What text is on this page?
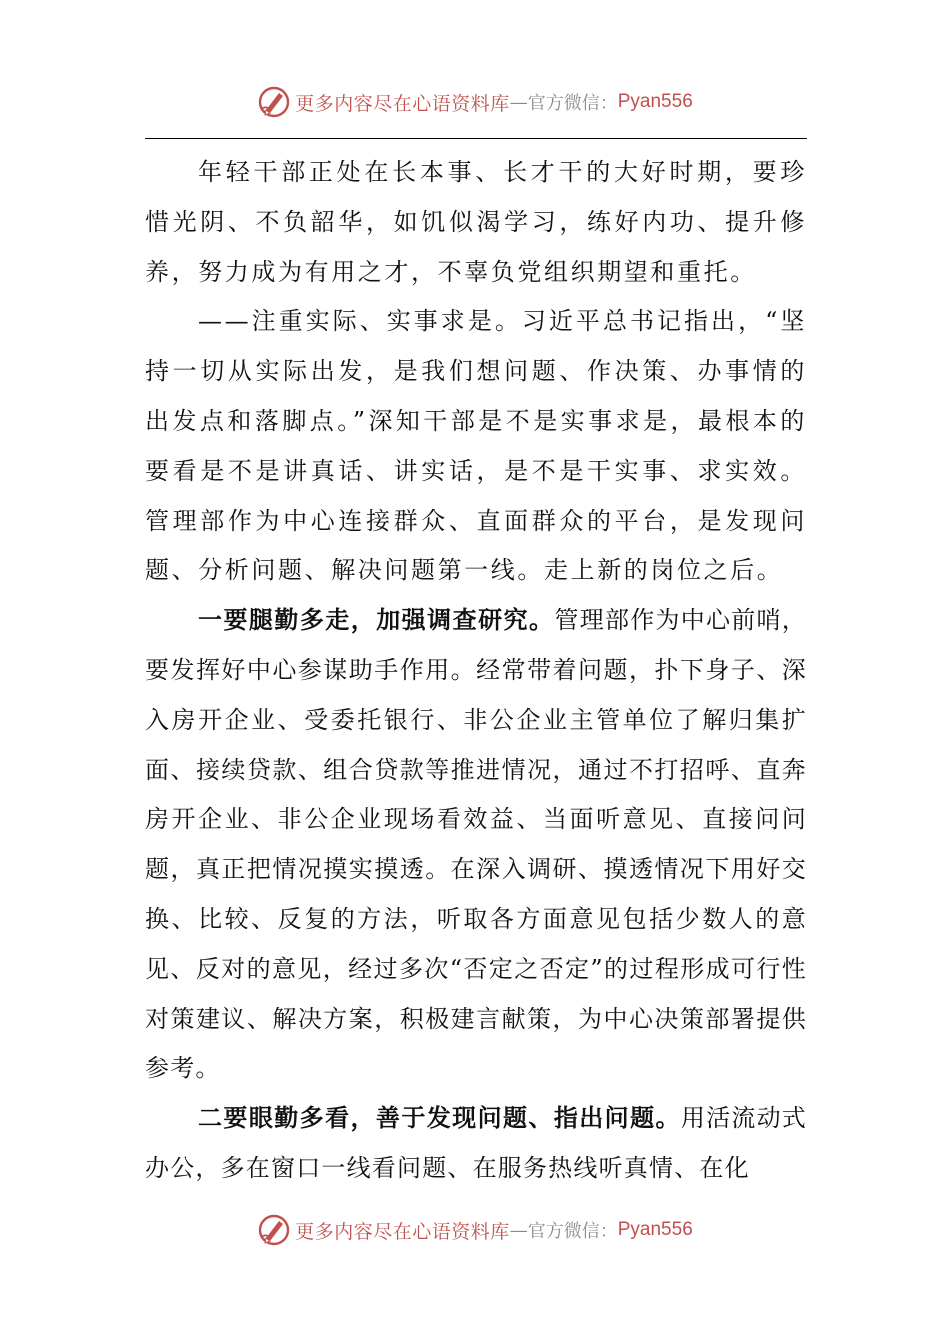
更多内容尽在心语资料库 — 官方微信： Pyan556

年轻干部正处在长本事、长才干的大好时期，要珍惜光阴、不负韶华，如饥似渴学习，练好内功、提升修养，努力成为有用之才，不辜负党组织期望和重托。

——注重实际、实事求是。习近平总书记指出，“坚持一切从实际出发，是我们想问题、作决策、办事情的出发点和落脚点。”深知干部是不是实事求是，最根本的要看是不是讲真话、讲实话，是不是干实事、求实效。管理部作为中心连接群众、直面群众的平台，是发现问题、分析问题、解决问题第一线。走上新的岗位之后。

一要腿勤多走，加强调查研究。管理部作为中心前哨，要发挥好中心参谋助手作用。经常带着问题，扑下身子、深入房开企业、受委托银行、非公企业主管单位了解归集扩面、接续贷款、组合贷款等推进情况，通过不打招呼、直奔房开企业、非公企业现场看效益、当面听意见、直接问问题，真正把情况摸实摸透。在深入调研、摸透情况下用好交换、比较、反复的方法，听取各方面意见包括少数人的意见、反对的意见，经过多次“否定之否定”的过程形成可行性对策建议、解决方案，积极建言献策，为中心决策部署提供参考。

二要眼勤多看，善于发现问题、指出问题。用活流动式办公，多在窗口一线看问题、在服务热线听真情、在化

更多内容尽在心语资料库 — 官方微信： Pyan556
